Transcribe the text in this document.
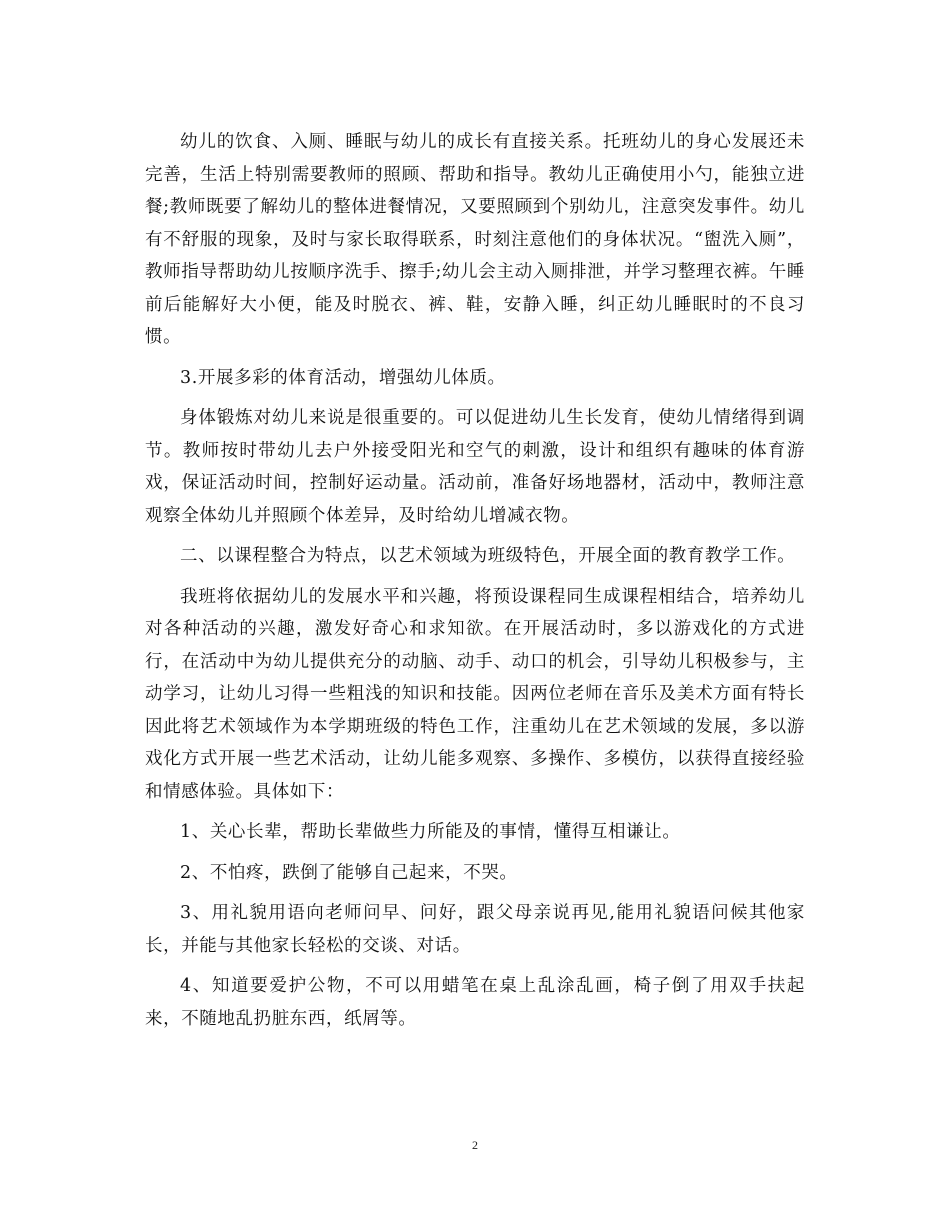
幼儿的饮食、入厕、睡眠与幼儿的成长有直接关系。托班幼儿的身心发展还未完善，生活上特别需要教师的照顾、帮助和指导。教幼儿正确使用小勺，能独立进餐;教师既要了解幼儿的整体进餐情况，又要照顾到个别幼儿，注意突发事件。幼儿有不舒服的现象，及时与家长取得联系，时刻注意他们的身体状况。“盥洗入厕”，教师指导帮助幼儿按顺序洗手、擦手;幼儿会主动入厕排泄，并学习整理衣裤。午睡前后能解好大小便，能及时脱衣、裤、鞋，安静入睡，纠正幼儿睡眠时的不良习惯。

3.开展多彩的体育活动，增强幼儿体质。

身体锻炼对幼儿来说是很重要的。可以促进幼儿生长发育，使幼儿情绪得到调节。教师按时带幼儿去户外接受阳光和空气的刺激，设计和组织有趣味的体育游戏，保证活动时间，控制好运动量。活动前，准备好场地器材，活动中，教师注意观察全体幼儿并照顾个体差异，及时给幼儿增减衣物。

二、以课程整合为特点，以艺术领域为班级特色，开展全面的教育教学工作。

我班将依据幼儿的发展水平和兴趣，将预设课程同生成课程相结合，培养幼儿对各种活动的兴趣，激发好奇心和求知欲。在开展活动时，多以游戏化的方式进行，在活动中为幼儿提供充分的动脑、动手、动口的机会，引导幼儿积极参与，主动学习，让幼儿习得一些粗浅的知识和技能。因两位老师在音乐及美术方面有特长因此将艺术领域作为本学期班级的特色工作，注重幼儿在艺术领域的发展，多以游戏化方式开展一些艺术活动，让幼儿能多观察、多操作、多模仿，以获得直接经验和情感体验。具体如下：

1、关心长辈，帮助长辈做些力所能及的事情，懂得互相谦让。

2、不怕疼，跌倒了能够自己起来，不哭。

3、用礼貌用语向老师问早、问好，跟父母亲说再见,能用礼貌语问候其他家长，并能与其他家长轻松的交谈、对话。

4、知道要爱护公物，不可以用蜡笔在桌上乱涂乱画，椅子倒了用双手扶起来，不随地乱扔脏东西，纸屑等。

2
